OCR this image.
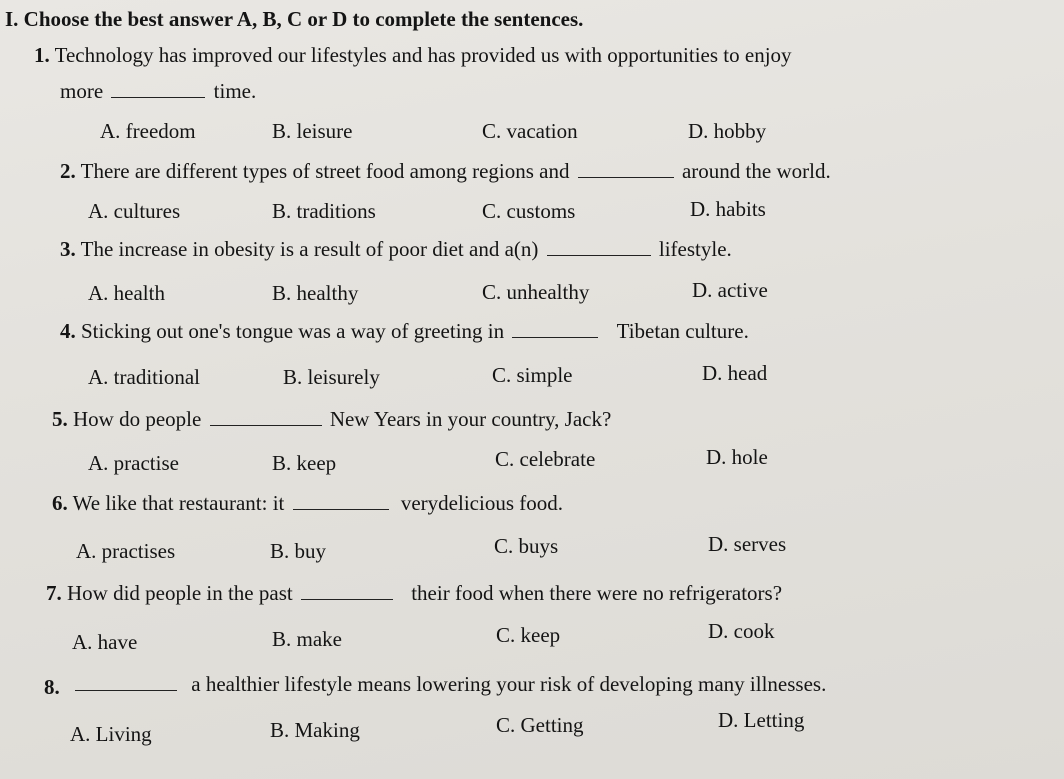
I. Choose the best answer A, B, C or D to complete the sentences.
1. Technology has improved our lifestyles and has provided us with opportunities to enjoy
more	time.
A. freedom	B. leisure	C. vacation	D. hobby
2. There are different types of street food among regions and	around the world.
A. cultures	B. traditions	C. customs	D. habits
3. The increase in obesity is a result of poor diet and a(n)	lifestyle.
A. health	B. healthy	C. unhealthy	D. active
4. Sticking out one's tongue was a way of greeting in	Tibetan culture.
A. traditional	B. leisurely	C. simple	D. head
5. How do people	New Years in your country, Jack?
A. practise	B. keep	C. celebrate	D. hole
6. We like that restaurant: it	verydelicious food.
A. practises	B. buy	C. buys	D. serves
7. How did people in the past	their food when there were no refrigerators?
A. have	B. make	C. keep	D. cook
8.	a healthier lifestyle means lowering your risk of developing many illnesses.
A. Living	B. Making	C. Getting	D. Letting
